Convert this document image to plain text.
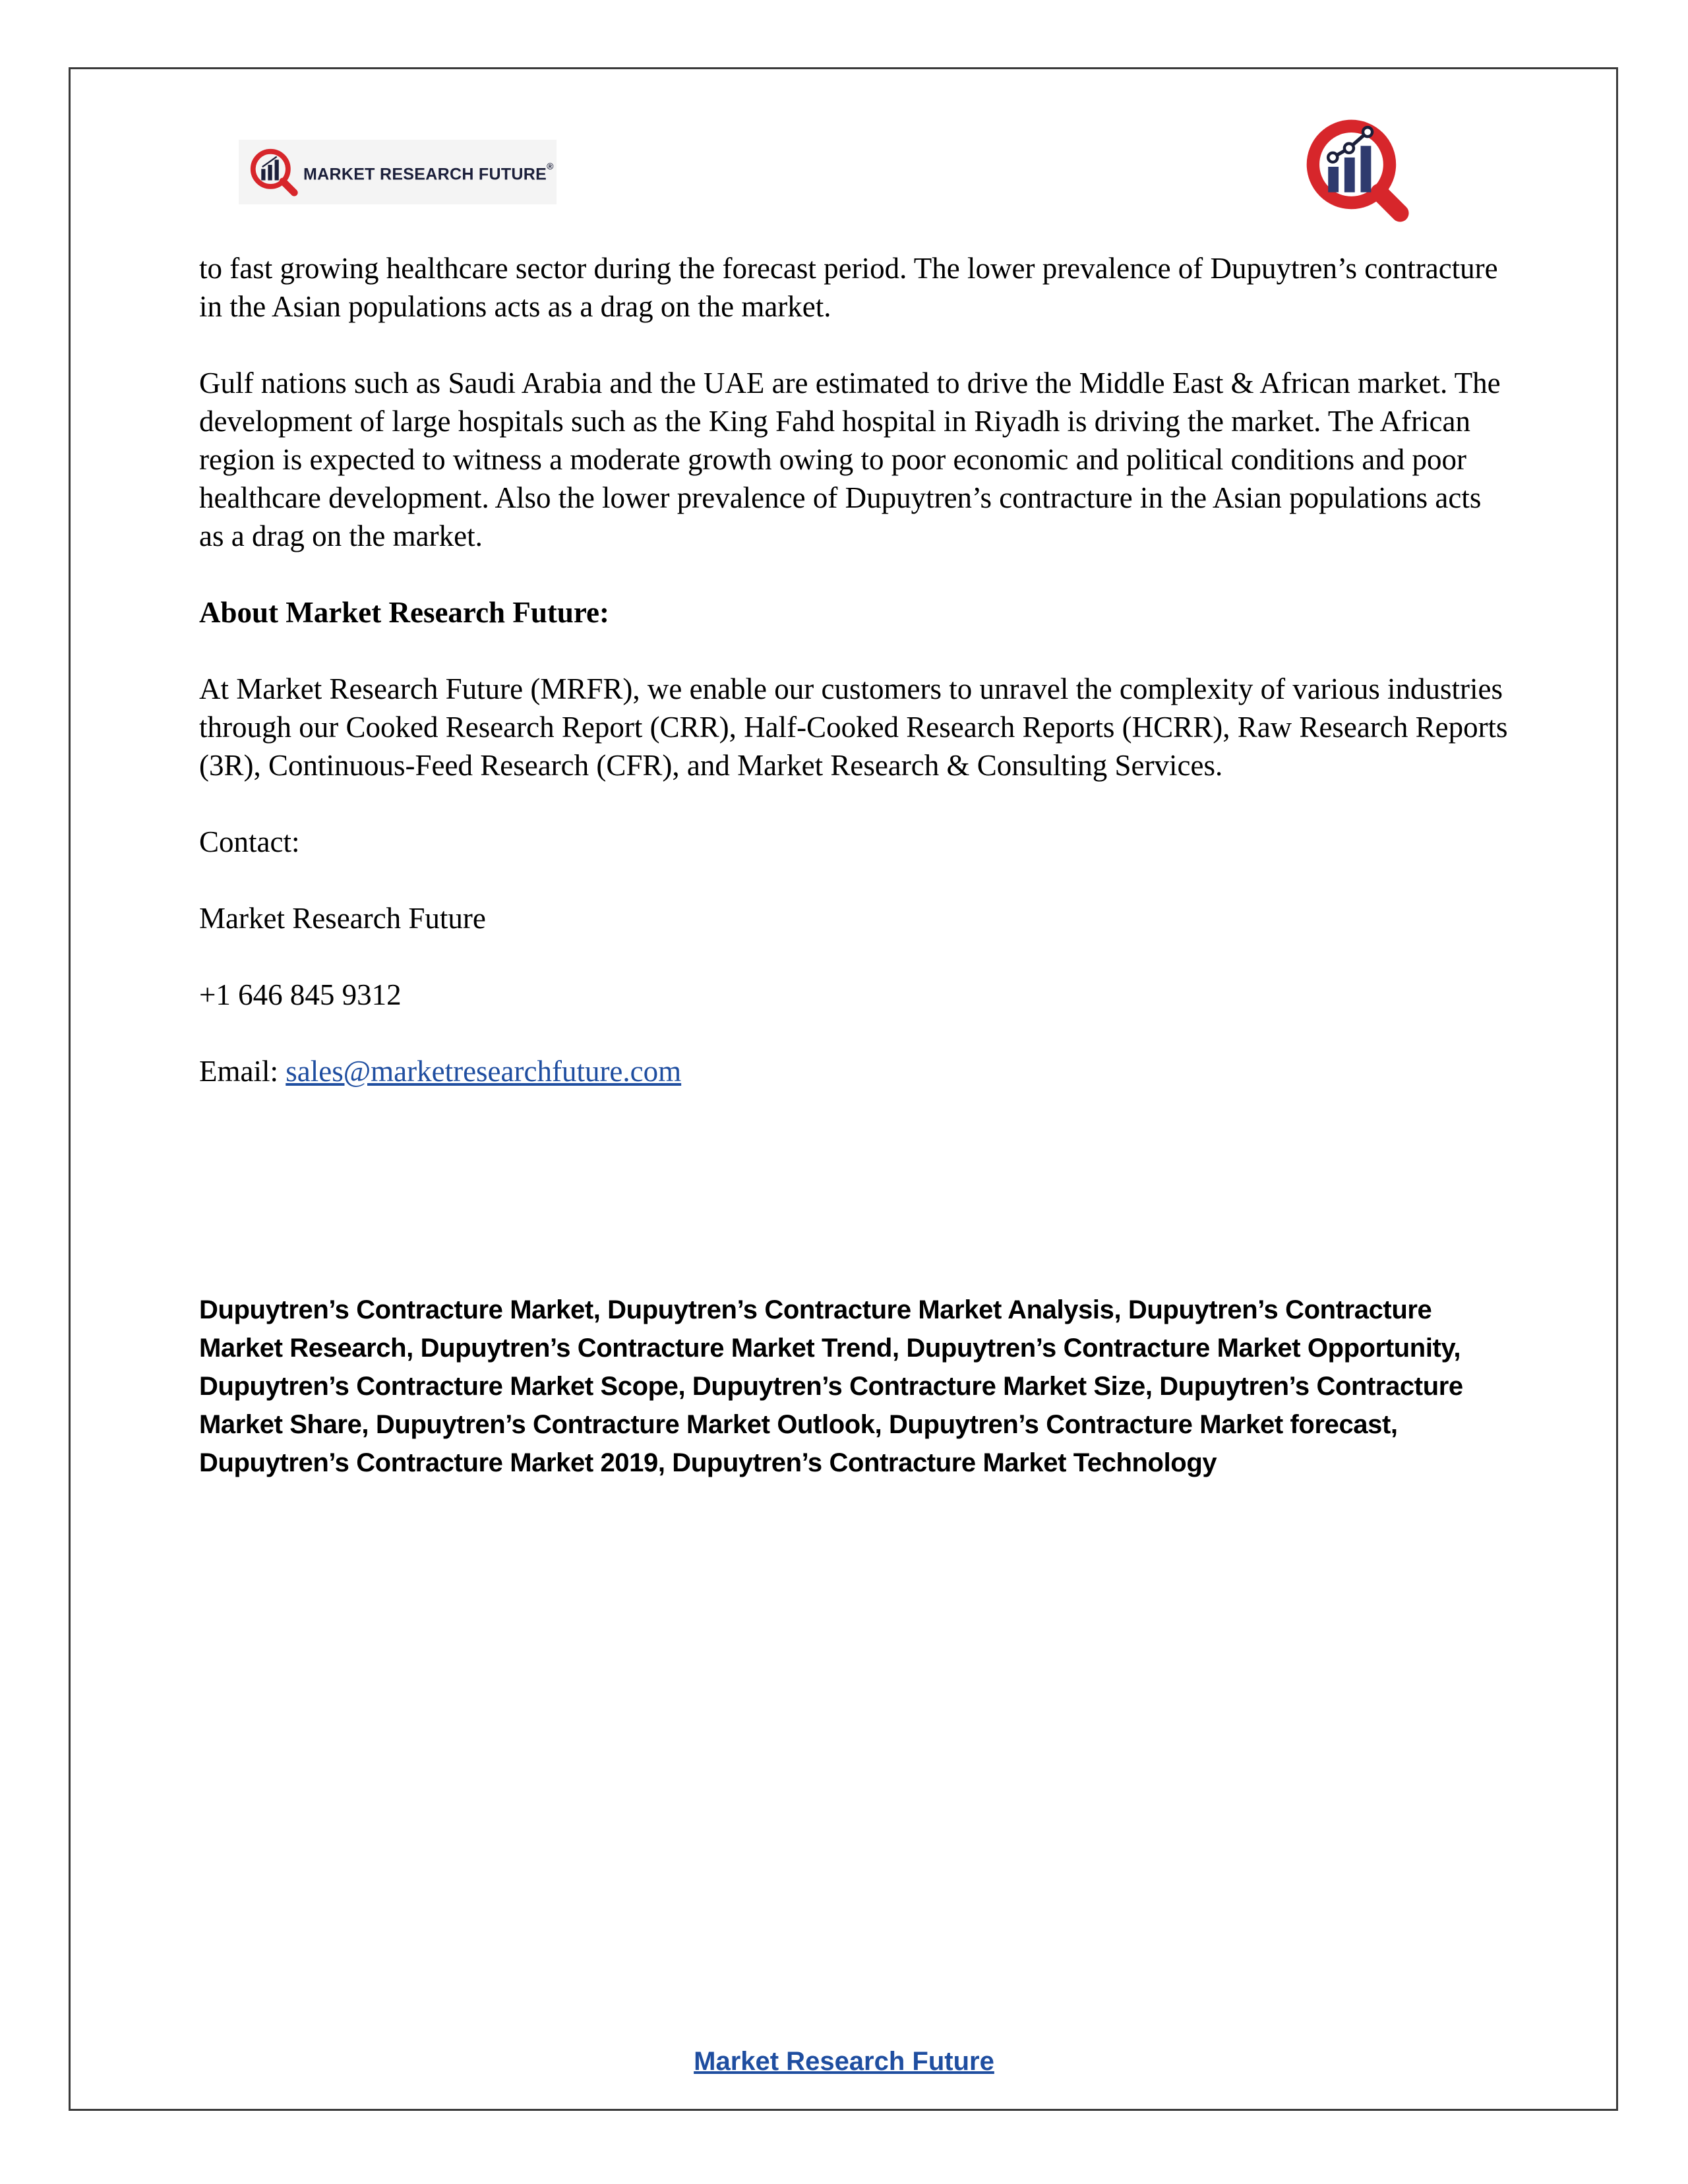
MARKET RESEARCH FUTURE®

to fast growing healthcare sector during the forecast period. The lower prevalence of Dupuytren’s contracture in the Asian populations acts as a drag on the market.

Gulf nations such as Saudi Arabia and the UAE are estimated to drive the Middle East & African market. The development of large hospitals such as the King Fahd hospital in Riyadh is driving the market. The African region is expected to witness a moderate growth owing to poor economic and political conditions and poor healthcare development. Also the lower prevalence of Dupuytren’s contracture in the Asian populations acts as a drag on the market.

About Market Research Future:

At Market Research Future (MRFR), we enable our customers to unravel the complexity of various industries through our Cooked Research Report (CRR), Half-Cooked Research Reports (HCRR), Raw Research Reports (3R), Continuous-Feed Research (CFR), and Market Research & Consulting Services.

Contact:

Market Research Future

+1 646 845 9312

Email: sales@marketresearchfuture.com

Dupuytren’s Contracture Market, Dupuytren’s Contracture Market Analysis, Dupuytren’s Contracture Market Research, Dupuytren’s Contracture Market Trend, Dupuytren’s Contracture Market Opportunity, Dupuytren’s Contracture Market Scope, Dupuytren’s Contracture Market Size, Dupuytren’s Contracture Market Share, Dupuytren’s Contracture Market Outlook, Dupuytren’s Contracture Market forecast, Dupuytren’s Contracture Market 2019, Dupuytren’s Contracture Market Technology
Market Research Future
